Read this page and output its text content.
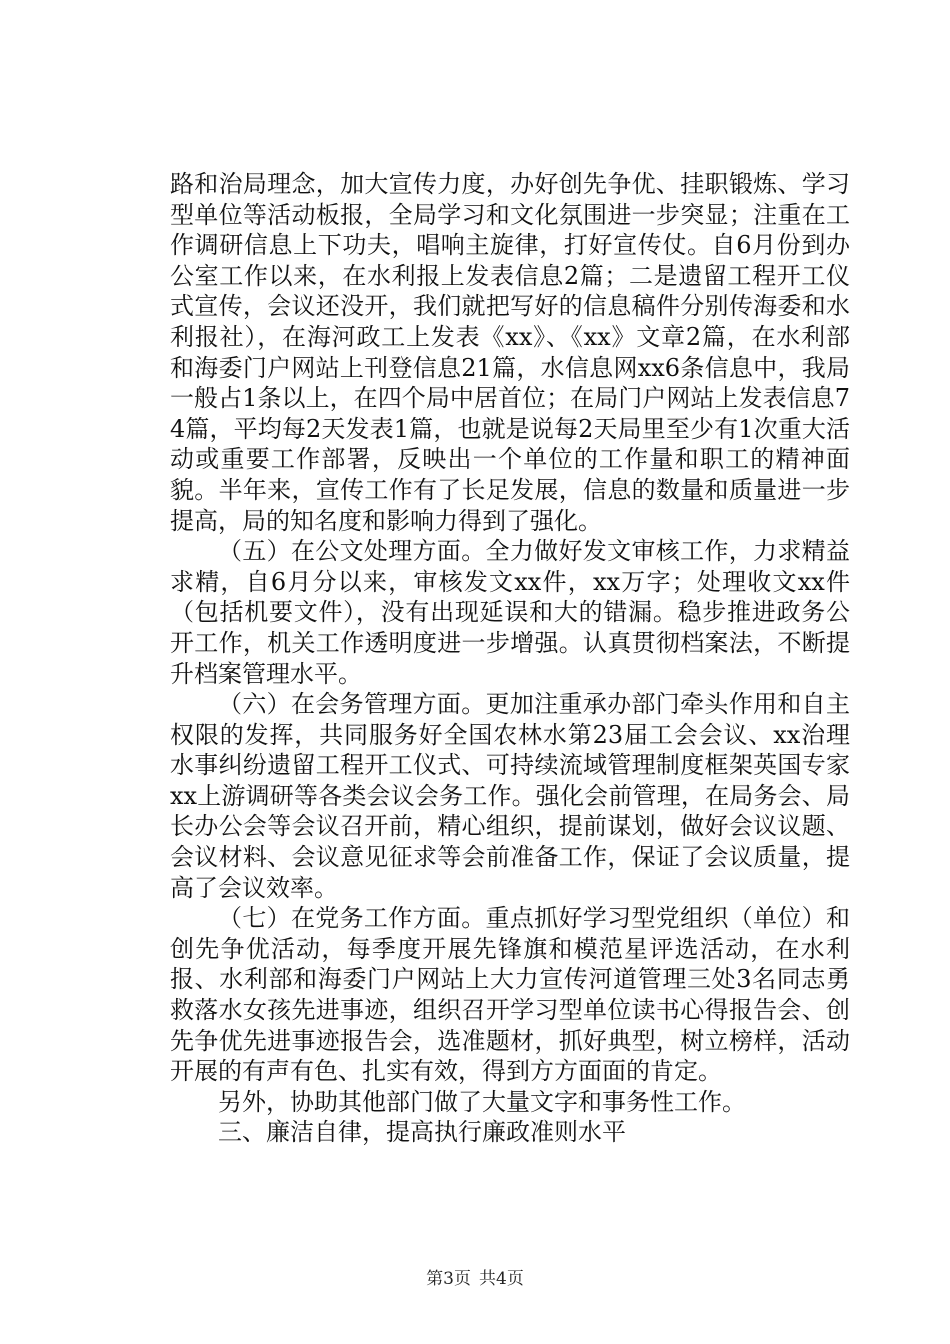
路和治局理念，加大宣传力度，办好创先争优、挂职锻炼、学习型单位等活动板报，全局学习和文化氛围进一步突显；注重在工作调研信息上下功夫，唱响主旋律，打好宣传仗。自6月份到办公室工作以来，在水利报上发表信息2篇；二是遗留工程开工仪式宣传，会议还没开，我们就把写好的信息稿件分别传海委和水利报社），在海河政工上发表《xx》、《xx》文章2篇，在水利部和海委门户网站上刊登信息21篇，水信息网xx6条信息中，我局一般占1条以上，在四个局中居首位；在局门户网站上发表信息74篇，平均每2天发表1篇，也就是说每2天局里至少有1次重大活动或重要工作部署，反映出一个单位的工作量和职工的精神面貌。半年来，宣传工作有了长足发展，信息的数量和质量进一步提高，局的知名度和影响力得到了强化。

（五）在公文处理方面。全力做好发文审核工作，力求精益求精，自6月分以来，审核发文xx件，xx万字；处理收文xx件（包括机要文件），没有出现延误和大的错漏。稳步推进政务公开工作，机关工作透明度进一步增强。认真贯彻档案法，不断提升档案管理水平。

（六）在会务管理方面。更加注重承办部门牵头作用和自主权限的发挥，共同服务好全国农林水第23届工会会议、xx治理水事纠纷遗留工程开工仪式、可持续流域管理制度框架英国专家xx上游调研等各类会议会务工作。强化会前管理，在局务会、局长办公会等会议召开前，精心组织，提前谋划，做好会议议题、会议材料、会议意见征求等会前准备工作，保证了会议质量，提高了会议效率。

（七）在党务工作方面。重点抓好学习型党组织（单位）和创先争优活动，每季度开展先锋旗和模范星评选活动，在水利报、水利部和海委门户网站上大力宣传河道管理三处3名同志勇救落水女孩先进事迹，组织召开学习型单位读书心得报告会、创先争优先进事迹报告会，选准题材，抓好典型，树立榜样，活动开展的有声有色、扎实有效，得到方方面面的肯定。

另外，协助其他部门做了大量文字和事务性工作。

三、廉洁自律，提高执行廉政准则水平

第3页 共4页
